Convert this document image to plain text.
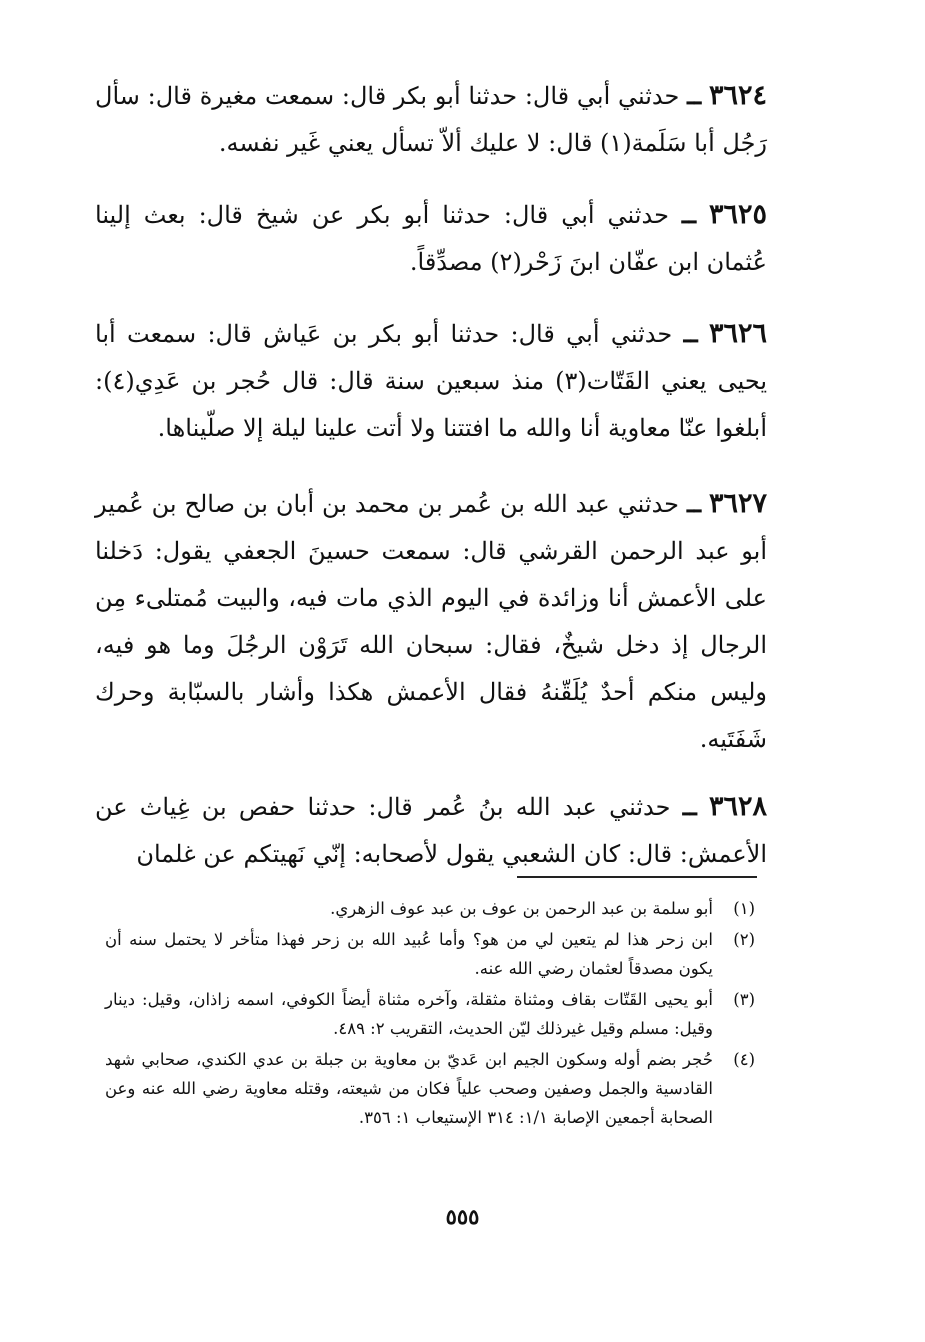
٣٦٢٤ ــ حدثني أبي قال: حدثنا أبو بكر قال: سمعت مغيرة قال: سأل رَجُل أبا سَلَمة(١) قال: لا عليك ألاّ تسأل يعني غَير نفسه.

٣٦٢٥ ــ حدثني أبي قال: حدثنا أبو بكر عن شيخ قال: بعث إلينا عُثمان ابن عفّان ابنَ زَحْر(٢) مصدِّقاً.

٣٦٢٦ ــ حدثني أبي قال: حدثنا أبو بكر بن عَياش قال: سمعت أبا يحيى يعني القَتّات(٣) منذ سبعين سنة قال: قال حُجر بن عَدِي(٤): أبلغوا عنّا معاوية أنا والله ما افتتنا ولا أتت علينا ليلة إلا صلّيناها.

٣٦٢٧ ــ حدثني عبد الله بن عُمر بن محمد بن أبان بن صالح بن عُمير أبو عبد الرحمن القرشي قال: سمعت حسينَ الجعفي يقول: دَخلنا على الأعمش أنا وزائدة في اليوم الذي مات فيه، والبيت مُمتلىء مِن الرجال إذ دخل شيخٌ، فقال: سبحان الله تَرَوْن الرجُلَ وما هو فيه، وليس منكم أحدٌ يُلَقّنهُ فقال الأعمش هكذا وأشار بالسبّابة وحرك شَفَتَيه.

٣٦٢٨ ــ حدثني عبد الله بنُ عُمر قال: حدثنا حفص بن غِياث عن الأعمش: قال: كان الشعبي يقول لأصحابه: إنّي نَهيتكم عن غلمان

(١)
أبو سلمة بن عبد الرحمن بن عوف بن عبد عوف الزهري.
(٢)
ابن زحر هذا لم يتعين لي من هو؟ وأما عُبيد الله بن زحر فهذا متأخر لا يحتمل سنه أن يكون مصدقاً لعثمان رضي الله عنه.
(٣)
أبو يحيى القَتّات بقاف ومثناة مثقلة، وآخره مثناة أيضاً الكوفي، اسمه زاذان، وقيل: دينار وقيل: مسلم وقيل غيرذلك ليّن الحديث، التقريب ٢: ٤٨٩.
(٤)
حُجر بضم أوله وسكون الجيم ابن عَديّ بن معاوية بن جبلة بن عدي الكندي، صحابي شهد القادسية والجمل وصفين وصحب علياً فكان من شيعته، وقتله معاوية رضي الله عنه وعن الصحابة أجمعين الإصابة ١/١: ٣١٤ الإستيعاب ١: ٣٥٦.
٥٥٥
